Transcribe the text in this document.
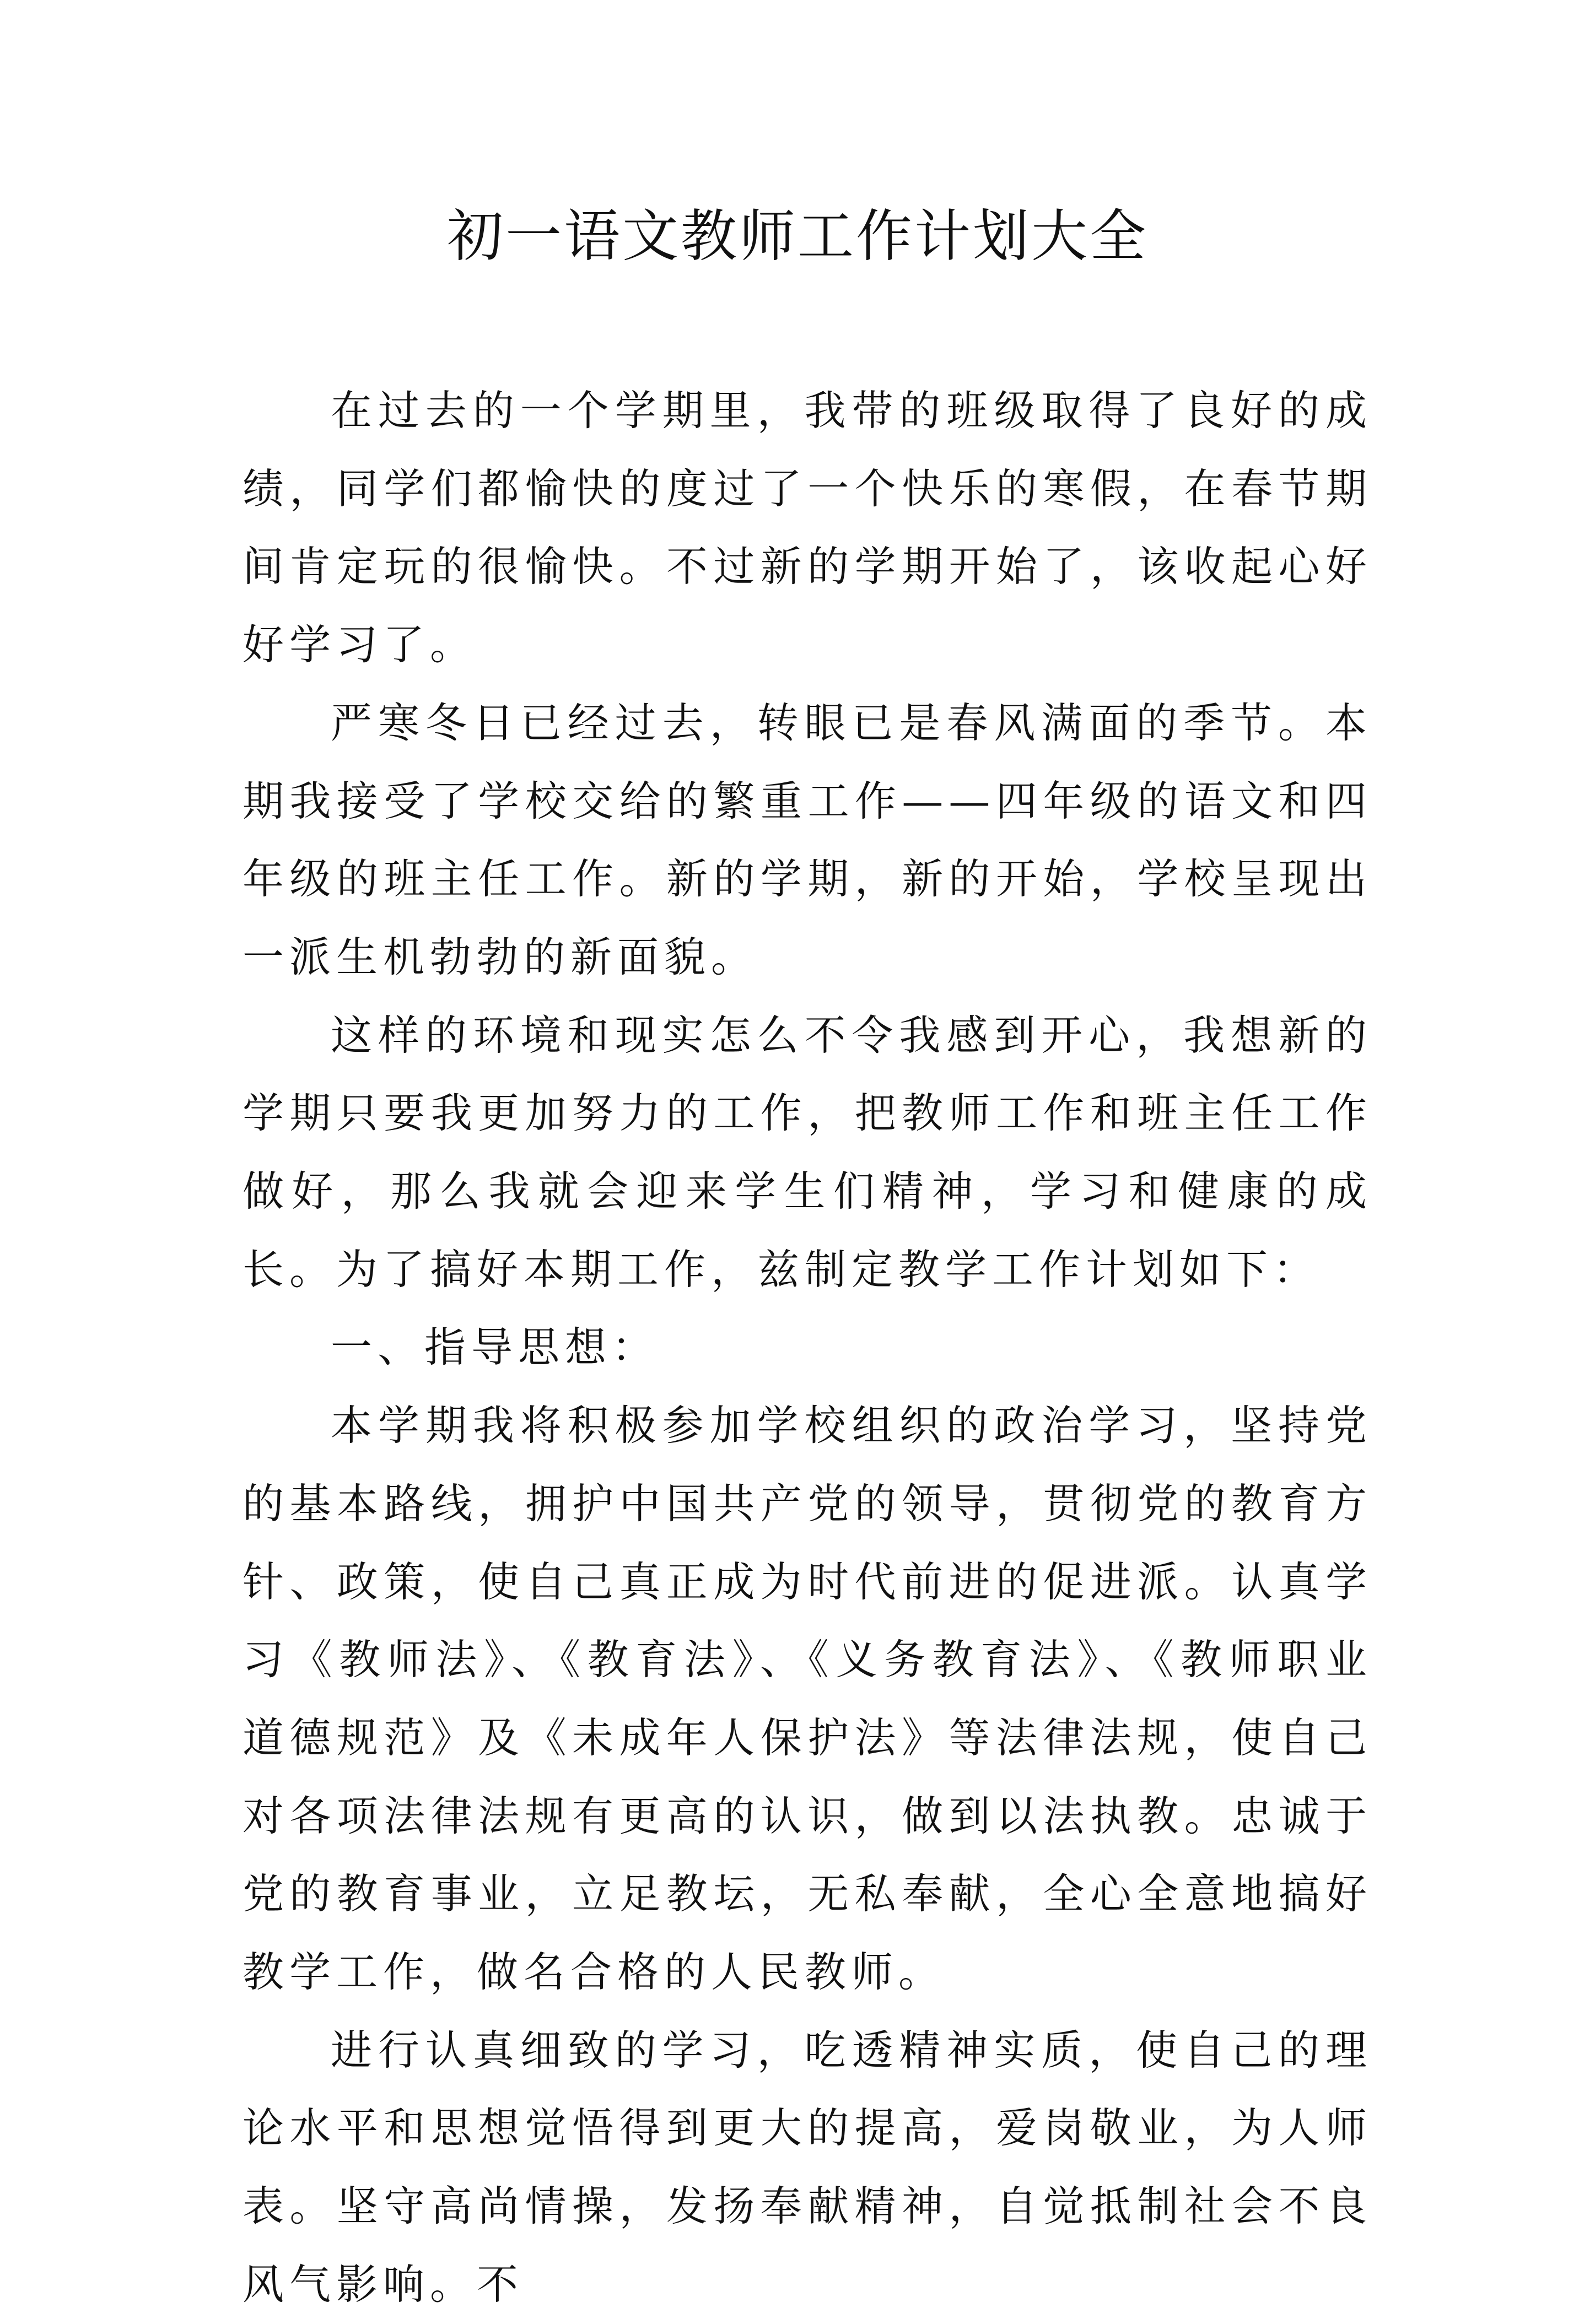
初一语文教师工作计划大全

在过去的一个学期里，我带的班级取得了良好的成绩，同学们都愉快的度过了一个快乐的寒假，在春节期间肯定玩的很愉快。不过新的学期开始了，该收起心好好学习了。

严寒冬日已经过去，转眼已是春风满面的季节。本期我接受了学校交给的繁重工作——四年级的语文和四年级的班主任工作。新的学期，新的开始，学校呈现出一派生机勃勃的新面貌。

这样的环境和现实怎么不令我感到开心，我想新的学期只要我更加努力的工作，把教师工作和班主任工作做好，那么我就会迎来学生们精神，学习和健康的成长。为了搞好本期工作，兹制定教学工作计划如下：

一、指导思想：

本学期我将积极参加学校组织的政治学习，坚持党的基本路线，拥护中国共产党的领导，贯彻党的教育方针、政策，使自己真正成为时代前进的促进派。认真学习《教师法》、《教育法》、《义务教育法》、《教师职业道德规范》及《未成年人保护法》等法律法规，使自己对各项法律法规有更高的认识，做到以法执教。忠诚于党的教育事业，立足教坛，无私奉献，全心全意地搞好教学工作，做名合格的人民教师。

进行认真细致的学习，吃透精神实质，使自己的理论水平和思想觉悟得到更大的提高，爱岗敬业，为人师表。坚守高尚情操，发扬奉献精神，自觉抵制社会不良风气影响。不
